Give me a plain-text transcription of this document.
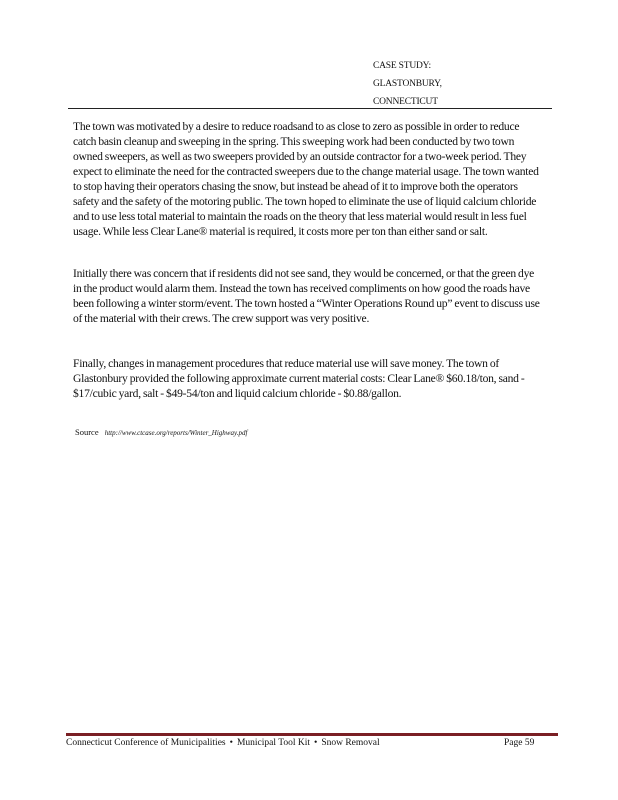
CASE STUDY:
GLASTONBURY,
CONNECTICUT

The town was motivated by a desire to reduce roadsand to as close to zero as possible in order to reduce catch basin cleanup and sweeping in the spring. This sweeping work had been conducted by two town owned sweepers, as well as two sweepers provided by an outside contractor for a two-week period. They expect to eliminate the need for the contracted sweepers due to the change material usage. The town wanted to stop having their operators chasing the snow, but instead be ahead of it to improve both the operators safety and the safety of the motoring public. The town hoped to eliminate the use of liquid calcium chloride and to use less total material to maintain the roads on the theory that less material would result in less fuel usage. While less Clear Lane® material is required, it costs more per ton than either sand or salt.

Initially there was concern that if residents did not see sand, they would be concerned, or that the green dye in the product would alarm them. Instead the town has received compliments on how good the roads have been following a winter storm/event. The town hosted a “Winter Operations Round up” event to discuss use of the material with their crews. The crew support was very positive.

Finally, changes in management procedures that reduce material use will save money. The town of Glastonbury provided the following approximate current material costs: Clear Lane® $60.18/ton, sand - $17/cubic yard, salt - $49-54/ton and liquid calcium chloride - $0.88/gallon.

Source http://www.ctcase.org/reports/Winter_Highway.pdf
Connecticut Conference of Municipalities • Municipal Tool Kit • Snow Removal	Page 59
